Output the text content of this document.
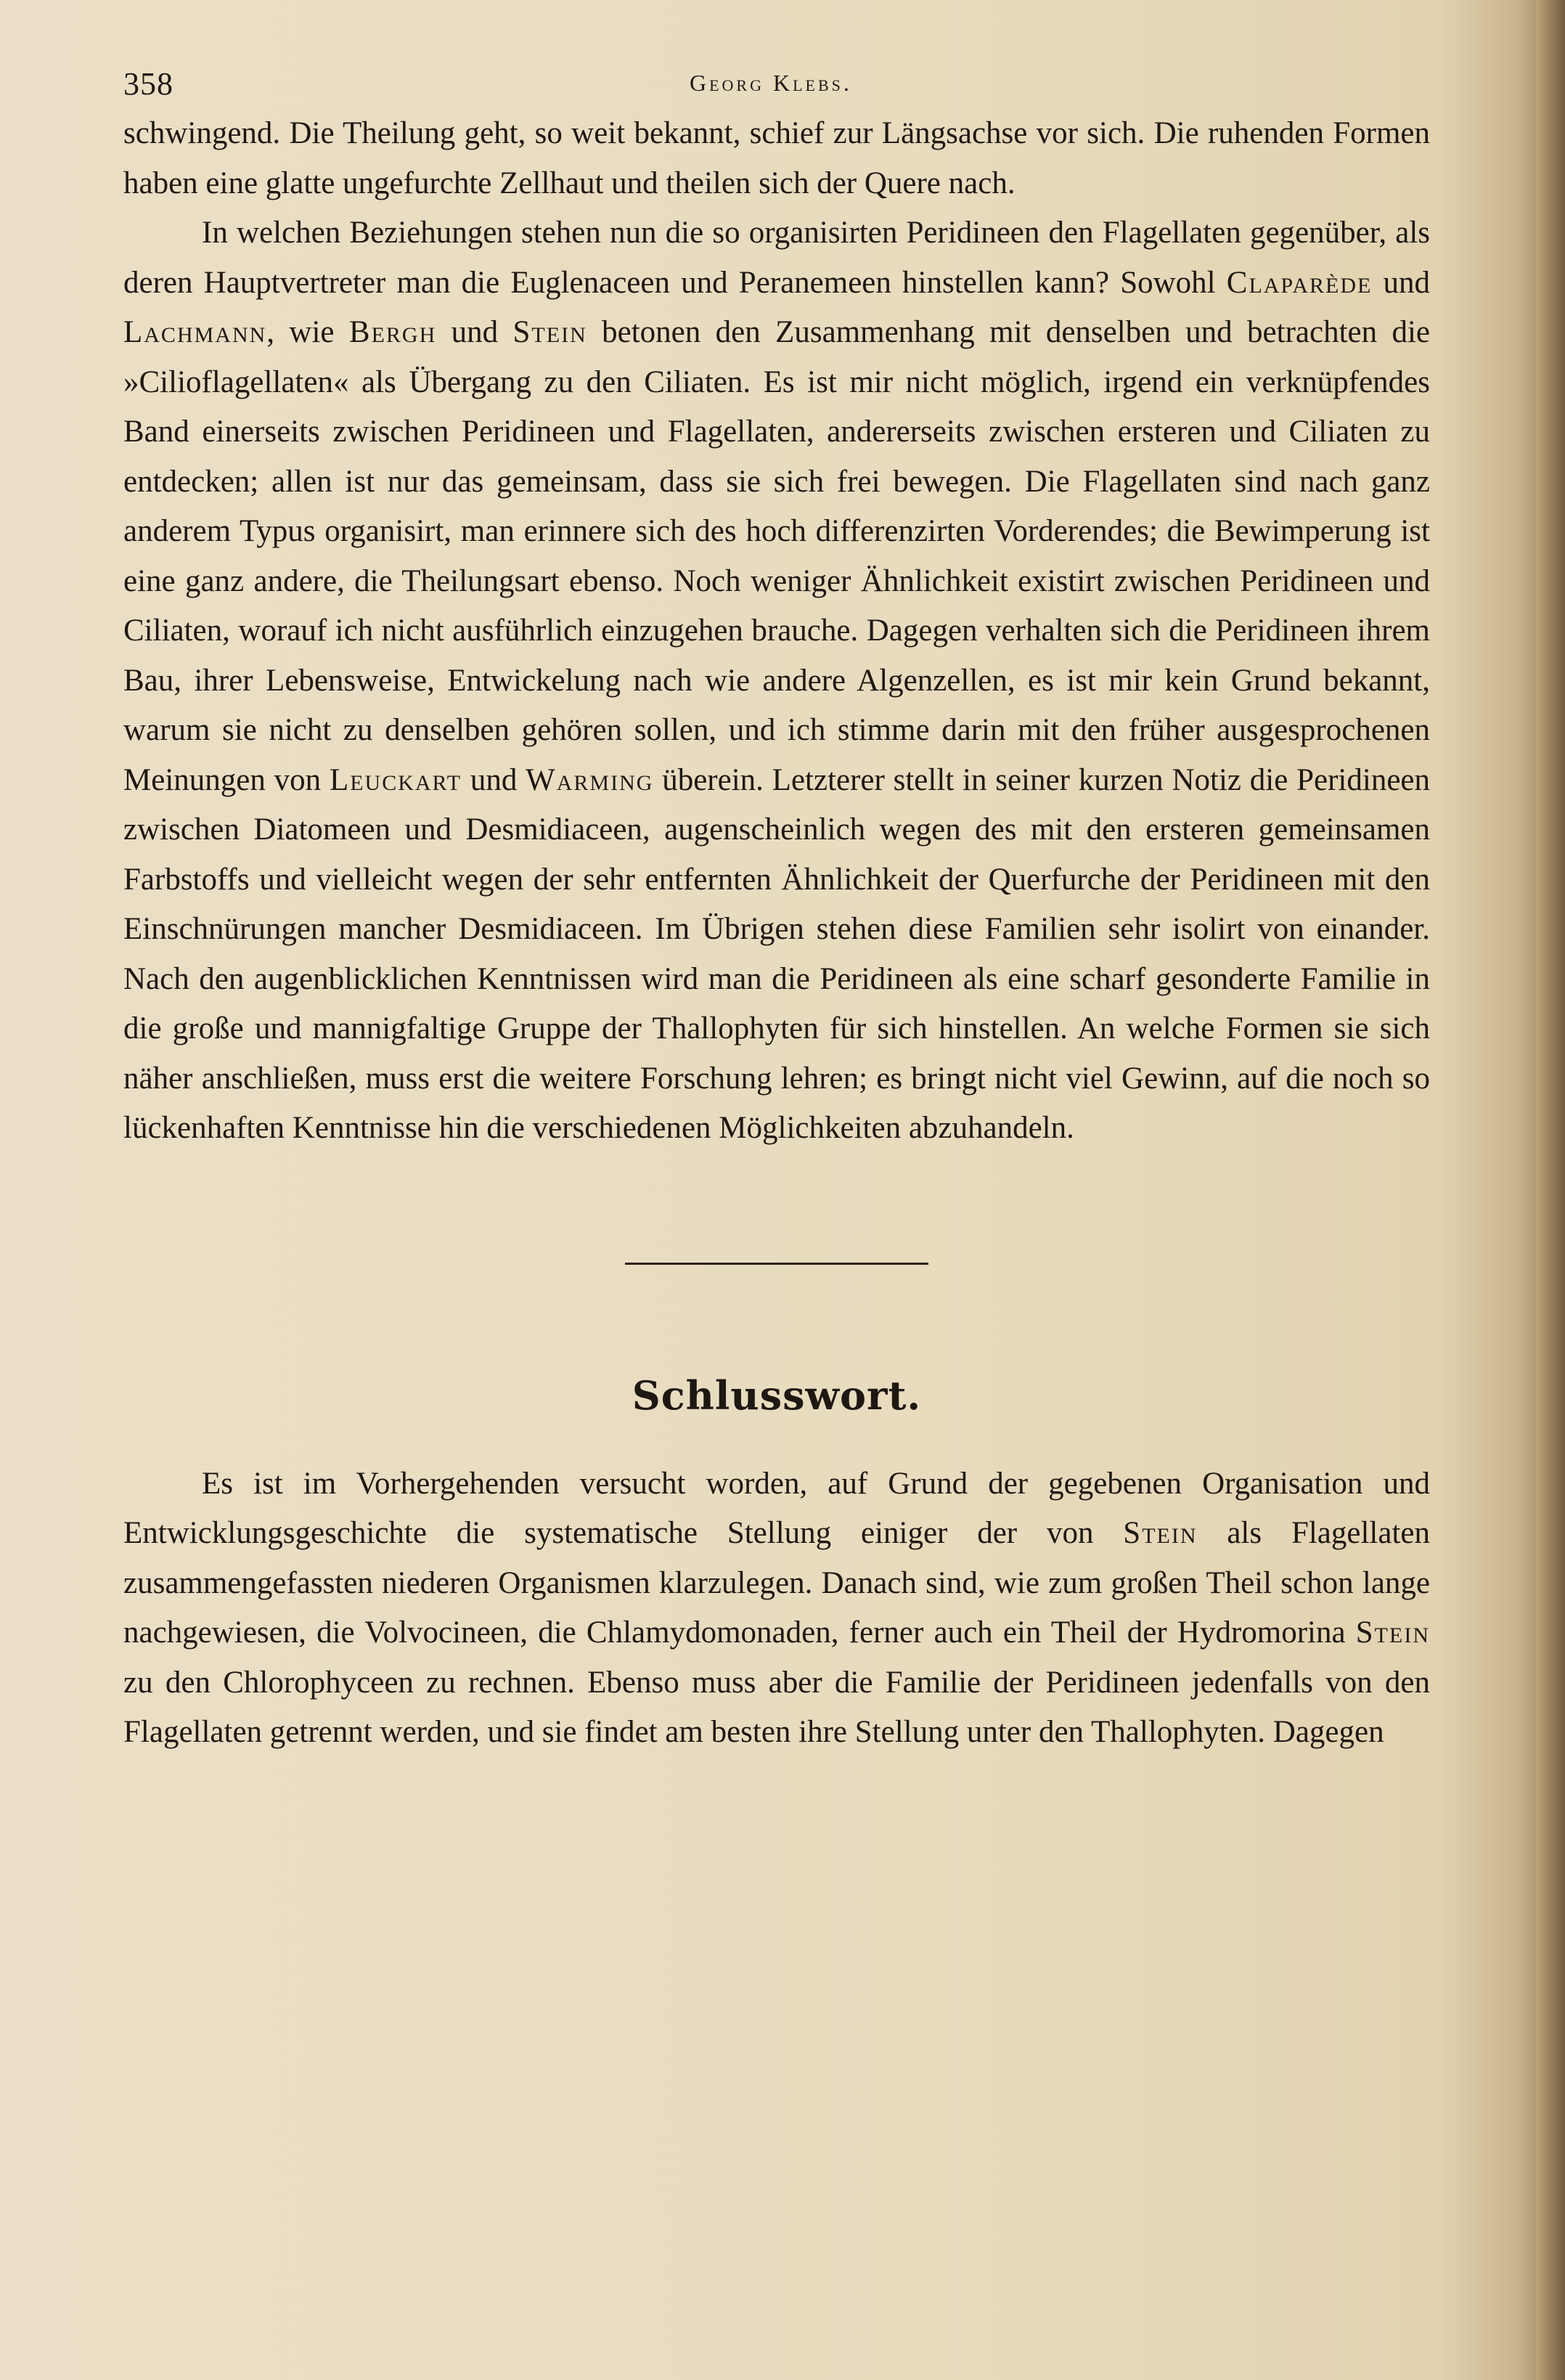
358	Georg Klebs.

schwingend. Die Theilung geht, so weit bekannt, schief zur Längsachse vor sich. Die ruhenden Formen haben eine glatte ungefurchte Zellhaut und theilen sich der Quere nach.

In welchen Beziehungen stehen nun die so organisirten Peridineen den Flagellaten gegenüber, als deren Hauptvertreter man die Euglenaceen und Peranemeen hinstellen kann? Sowohl Claparède und Lachmann, wie Bergh und Stein betonen den Zusammenhang mit denselben und betrachten die »Cilioflagellaten« als Übergang zu den Ciliaten. Es ist mir nicht möglich, irgend ein verknüpfendes Band einerseits zwischen Peridineen und Flagellaten, andererseits zwischen ersteren und Ciliaten zu entdecken; allen ist nur das gemeinsam, dass sie sich frei bewegen. Die Flagellaten sind nach ganz anderem Typus organisirt, man erinnere sich des hoch differenzirten Vorderendes; die Bewimperung ist eine ganz andere, die Theilungsart ebenso. Noch weniger Ähnlichkeit existirt zwischen Peridineen und Ciliaten, worauf ich nicht ausführlich einzugehen brauche. Dagegen verhalten sich die Peridineen ihrem Bau, ihrer Lebensweise, Entwickelung nach wie andere Algenzellen, es ist mir kein Grund bekannt, warum sie nicht zu denselben gehören sollen, und ich stimme darin mit den früher ausgesprochenen Meinungen von Leuckart und Warming überein. Letzterer stellt in seiner kurzen Notiz die Peridineen zwischen Diatomeen und Desmidiaceen, augenscheinlich wegen des mit den ersteren gemeinsamen Farbstoffs und vielleicht wegen der sehr entfernten Ähnlichkeit der Querfurche der Peridineen mit den Einschnürungen mancher Desmidiaceen. Im Übrigen stehen diese Familien sehr isolirt von einander. Nach den augenblicklichen Kenntnissen wird man die Peridineen als eine scharf gesonderte Familie in die große und mannigfaltige Gruppe der Thallophyten für sich hinstellen. An welche Formen sie sich näher anschließen, muss erst die weitere Forschung lehren; es bringt nicht viel Gewinn, auf die noch so lückenhaften Kenntnisse hin die verschiedenen Möglichkeiten abzuhandeln.

Schlusswort.

Es ist im Vorhergehenden versucht worden, auf Grund der gegebenen Organisation und Entwicklungsgeschichte die systematische Stellung einiger der von Stein als Flagellaten zusammengefassten niederen Organismen klarzulegen. Danach sind, wie zum großen Theil schon lange nachgewiesen, die Volvocineen, die Chlamydomonaden, ferner auch ein Theil der Hydromorina Stein zu den Chlorophyceen zu rechnen. Ebenso muss aber die Familie der Peridineen jedenfalls von den Flagellaten getrennt werden, und sie findet am besten ihre Stellung unter den Thallophyten. Dagegen
